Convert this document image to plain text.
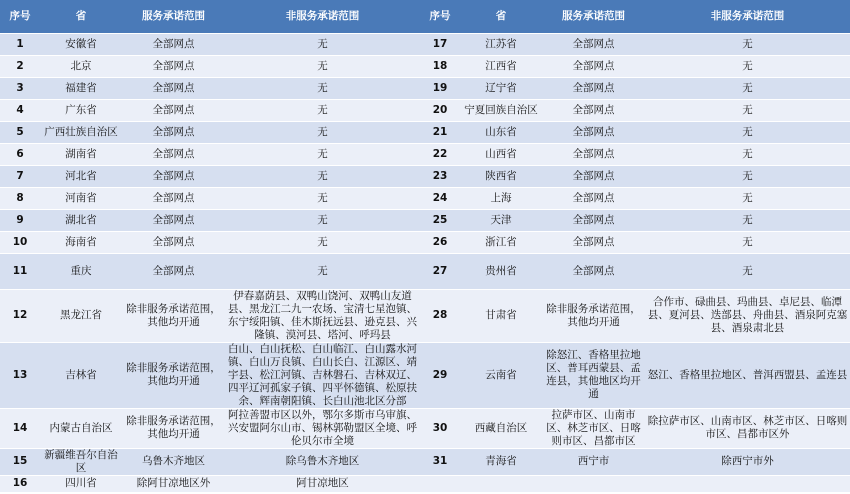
序号	省	服务承诺范围	非服务承诺范围	序号	省	服务承诺范围	非服务承诺范围
1	安徽省	全部网点	无	17	江苏省	全部网点	无
2	北京	全部网点	无	18	江西省	全部网点	无
3	福建省	全部网点	无	19	辽宁省	全部网点	无
4	广东省	全部网点	无	20	宁夏回族自治区	全部网点	无
5	广西壮族自治区	全部网点	无	21	山东省	全部网点	无
6	湖南省	全部网点	无	22	山西省	全部网点	无
7	河北省	全部网点	无	23	陕西省	全部网点	无
8	河南省	全部网点	无	24	上海	全部网点	无
9	湖北省	全部网点	无	25	天津	全部网点	无
10	海南省	全部网点	无	26	浙江省	全部网点	无
11	重庆	全部网点	无	27	贵州省	全部网点	无
12	黑龙江省	除非服务承诺范围，其他均开通	伊春嘉荫县、双鸭山饶河、双鸭山友道县、黑龙江二九一农场、宝清七星泡镇、东宁绥阳镇、佳木斯抚远县、逊克县、兴隆镇、漠河县、塔河、呼玛县	28	甘肃省	除非服务承诺范围，其他均开通	合作市、碌曲县、玛曲县、卓尼县、临潭县、夏河县、迭部县、舟曲县、酒泉阿克塞县、酒泉肃北县
13	吉林省	除非服务承诺范围，其他均开通	白山、白山抚松、白山临江、白山露水河镇、白山万良镇、白山长白、江源区、靖宇县、松江河镇、吉林磐石、吉林双辽、四平辽河孤家子镇、四平怀德镇、松原扶余、辉南朝阳镇、长白山池北区分部	29	云南省	除怒江、香格里拉地区、普耳西蒙县、孟连县，其他地区均开通	怒江、香格里拉地区、普洱西盟县、孟连县
14	内蒙古自治区	除非服务承诺范围，其他均开通	阿拉善盟市区以外，鄂尔多斯市乌审旗、兴安盟阿尔山市、锡林郭勒盟区全境、呼伦贝尔市全境	30	西藏自治区	拉萨市区、山南市区、林芝市区、日喀则市区、昌都市区	除拉萨市区、山南市区、林芝市区、日喀则市区、昌都市区外
15	新疆维吾尔自治区	乌鲁木齐地区	除乌鲁木齐地区	31	青海省	西宁市	除西宁市外
16	四川省	除阿甘凉地区外	阿甘凉地区				
